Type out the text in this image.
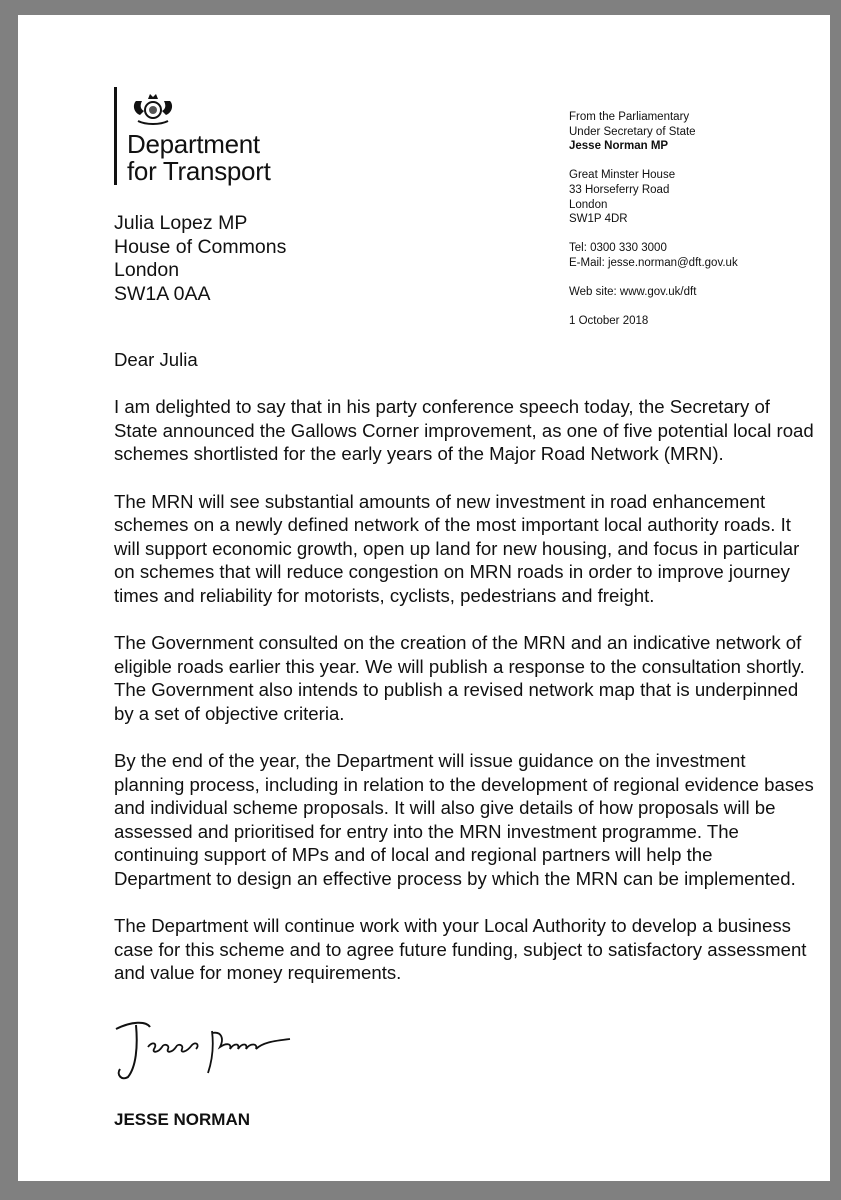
Department
for Transport
From the Parliamentary
Under Secretary of State
Jesse Norman MP
Great Minster House
33 Horseferry Road
London
SW1P 4DR
Tel: 0300 330 3000
E-Mail: jesse.norman@dft.gov.uk
Web site: www.gov.uk/dft
1 October 2018
Julia Lopez MP
House of Commons
London
SW1A 0AA

Dear Julia

I am delighted to say that in his party conference speech today, the Secretary of State announced the Gallows Corner improvement, as one of five potential local road schemes shortlisted for the early years of the Major Road Network (MRN).

The MRN will see substantial amounts of new investment in road enhancement schemes on a newly defined network of the most important local authority roads. It will support economic growth, open up land for new housing, and focus in particular on schemes that will reduce congestion on MRN roads in order to improve journey times and reliability for motorists, cyclists, pedestrians and freight.

The Government consulted on the creation of the MRN and an indicative network of eligible roads earlier this year. We will publish a response to the consultation shortly. The Government also intends to publish a revised network map that is underpinned by a set of objective criteria.

By the end of the year, the Department will issue guidance on the investment planning process, including in relation to the development of regional evidence bases and individual scheme proposals. It will also give details of how proposals will be assessed and prioritised for entry into the MRN investment programme. The continuing support of MPs and of local and regional partners will help the Department to design an effective process by which the MRN can be implemented.

The Department will continue work with your Local Authority to develop a business case for this scheme and to agree future funding, subject to satisfactory assessment and value for money requirements.

JESSE NORMAN
